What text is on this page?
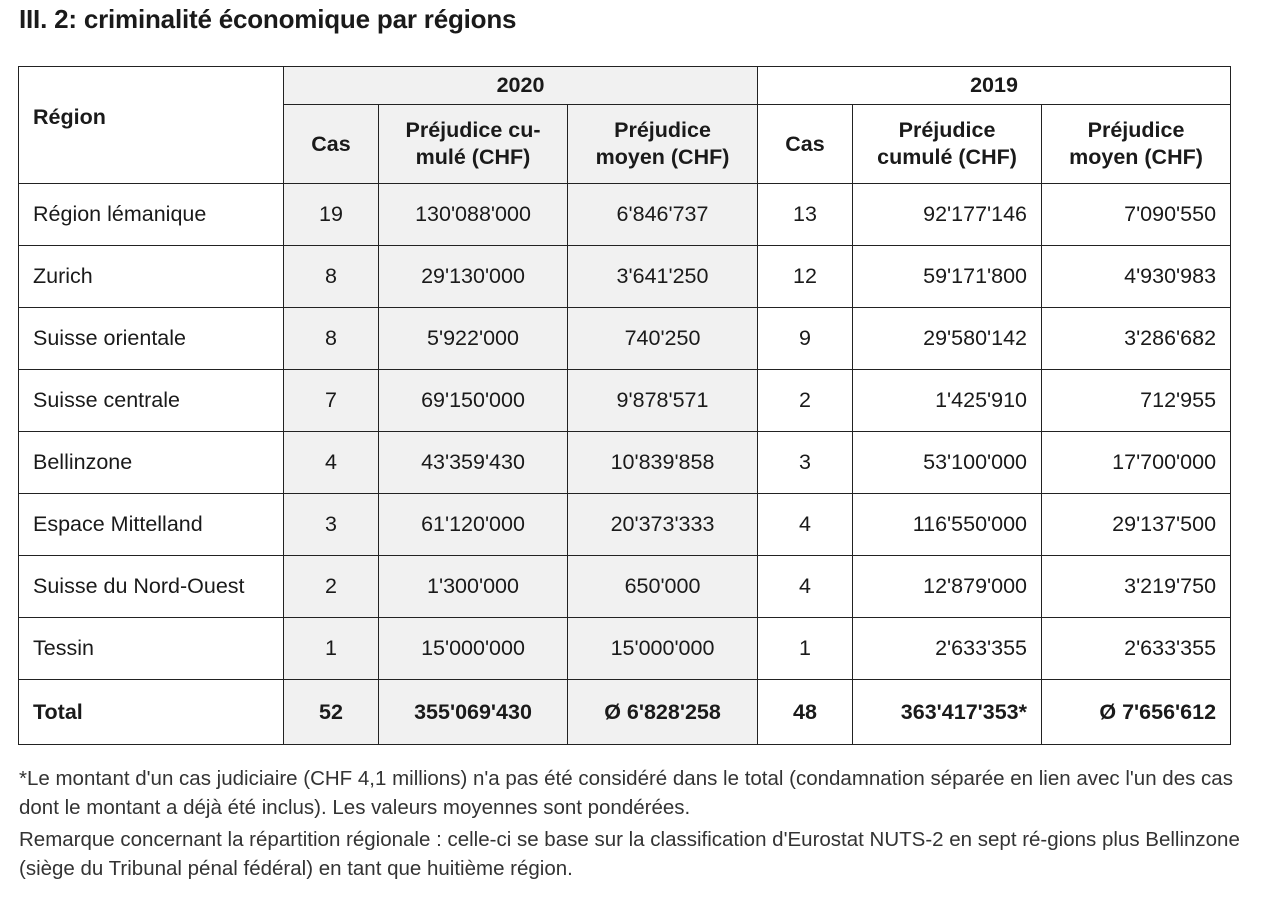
III. 2: criminalité économique par régions
Région	2020			2019		
	Cas	Préjudice cu-mulé (CHF)	Préjudice moyen (CHF)	Cas	Préjudice cumulé (CHF)	Préjudice moyen (CHF)
Région lémanique	19	130'088'000	6'846'737	13	92'177'146	7'090'550
Zurich	8	29'130'000	3'641'250	12	59'171'800	4'930'983
Suisse orientale	8	5'922'000	740'250	9	29'580'142	3'286'682
Suisse centrale	7	69'150'000	9'878'571	2	1'425'910	712'955
Bellinzone	4	43'359'430	10'839'858	3	53'100'000	17'700'000
Espace Mittelland	3	61'120'000	20'373'333	4	116'550'000	29'137'500
Suisse du Nord-Ouest	2	1'300'000	650'000	4	12'879'000	3'219'750
Tessin	1	15'000'000	15'000'000	1	2'633'355	2'633'355
Total	52	355'069'430	Ø 6'828'258	48	363'417'353*	Ø 7'656'612

*Le montant d'un cas judiciaire (CHF 4,1 millions) n'a pas été considéré dans le total (condamnation séparée en lien avec l'un des cas dont le montant a déjà été inclus). Les valeurs moyennes sont pondérées.

Remarque concernant la répartition régionale : celle-ci se base sur la classification d'Eurostat NUTS-2 en sept ré-gions plus Bellinzone (siège du Tribunal pénal fédéral) en tant que huitième région.
